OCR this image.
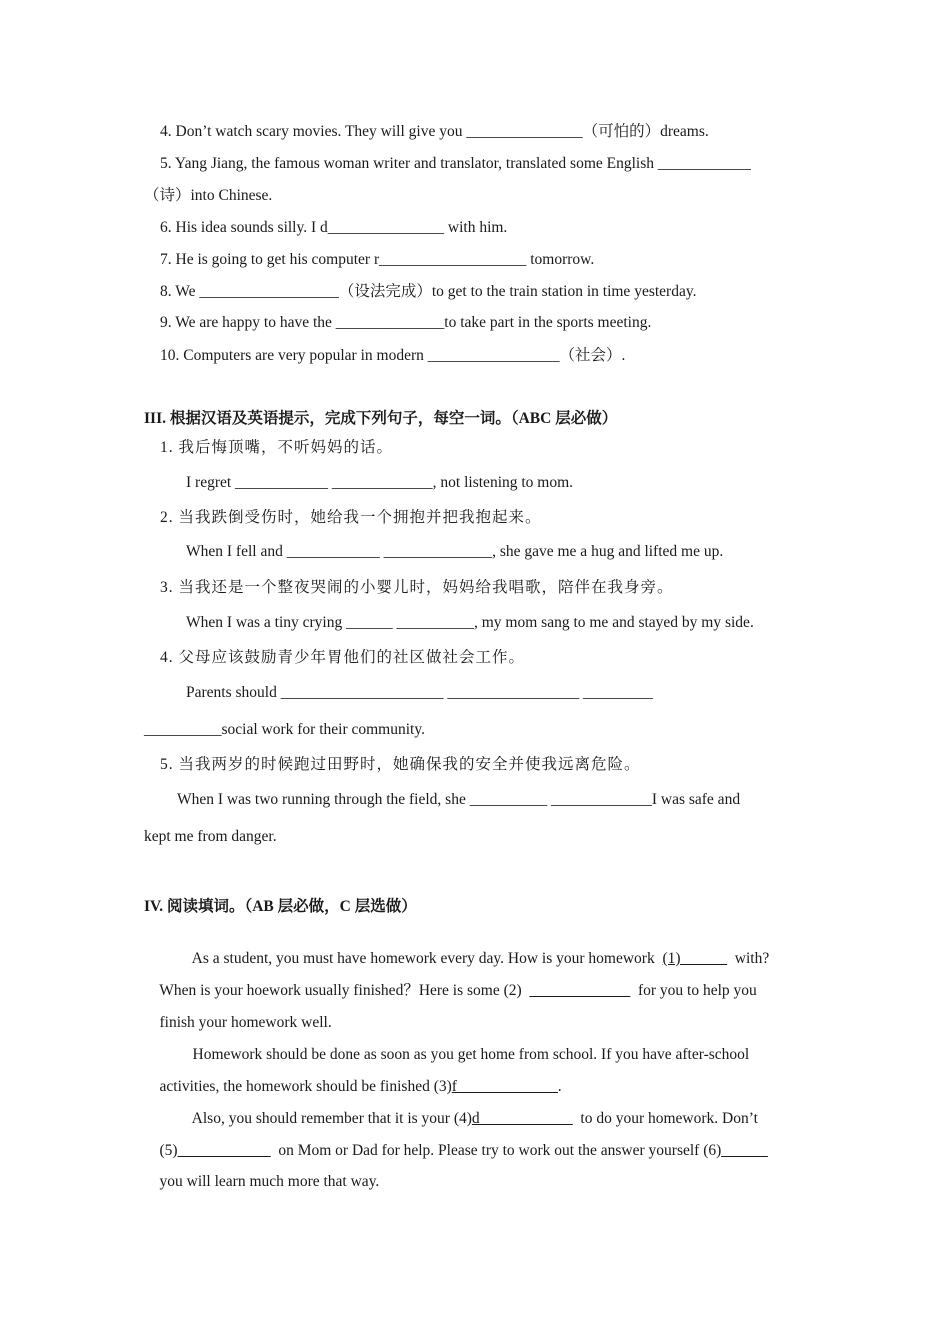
4. Don’t watch scary movies. They will give you _______________（可怕的）dreams.
5. Yang Jiang, the famous woman writer and translator, translated some English ____________
（诗）into Chinese.
6. His idea sounds silly. I d_______________ with him.
7. He is going to get his computer r___________________ tomorrow.
8. We __________________（设法完成）to get to the train station in time yesterday.
9. We are happy to have the ______________to take part in the sports meeting.
10. Computers are very popular in modern _________________（社会）.
III. 根据汉语及英语提示，完成下列句子，每空一词。（ABC 层必做）
1. 我后悔顶嘴，不听妈妈的话。
I regret ____________ _____________, not listening to mom.
2. 当我跌倒受伤时，她给我一个拥抱并把我抱起来。
When I fell and ____________ ______________, she gave me a hug and lifted me up.
3. 当我还是一个整夜哭闹的小婴儿时，妈妈给我唱歌，陪伴在我身旁。
When I was a tiny crying ______ __________, my mom sang to me and stayed by my side.
4. 父母应该鼓励青少年胃他们的社区做社会工作。
Parents should _____________________ _________________ _________
__________social work for their community.
5. 当我两岁的时候跑过田野时，她确保我的安全并使我远离危险。
When I was two running through the field, she __________ _____________I was safe and
kept me from danger.
IV. 阅读填词。（AB 层必做，C 层选做）

As a student, you must have homework every day. How is your homework  (1)______  with?

When is your hoework usually finished？Here is some (2)  _____________  for you to help you

finish your homework well.

Homework should be done as soon as you get home from school. If you have after-school

activities, the homework should be finished (3)f_____________.

Also, you should remember that it is your (4)d____________  to do your homework. Don’t

(5)____________  on Mom or Dad for help. Please try to work out the answer yourself (6)______

you will learn much more that way.
